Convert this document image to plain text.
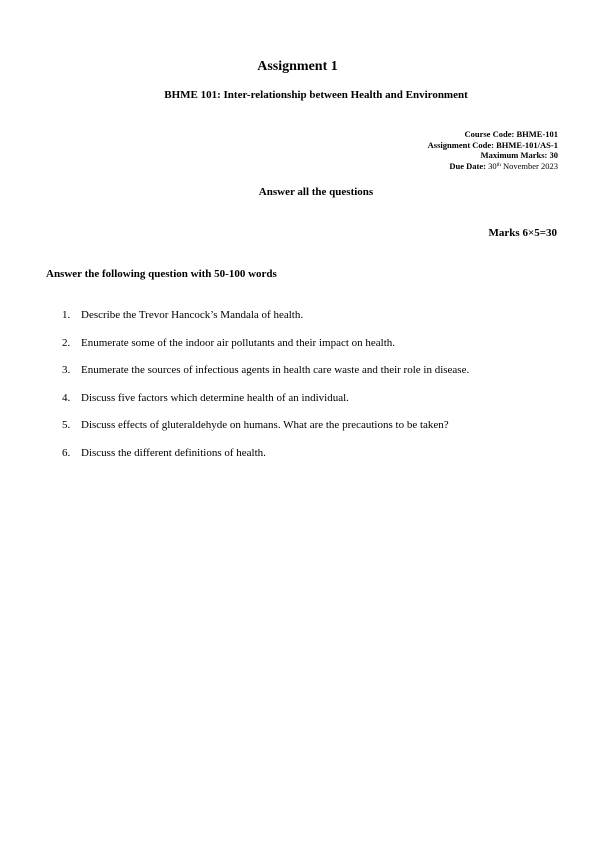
Assignment 1
BHME 101: Inter-relationship between Health and Environment
Course Code: BHME-101
Assignment Code: BHME-101/AS-1
Maximum Marks: 30
Due Date: 30th November 2023
Answer all the questions
Marks 6×5=30
Answer the following question with 50-100 words
1. Describe the Trevor Hancock’s Mandala of health.
2. Enumerate some of the indoor air pollutants and their impact on health.
3. Enumerate the sources of infectious agents in health care waste and their role in disease.
4. Discuss five factors which determine health of an individual.
5. Discuss effects of gluteraldehyde on humans. What are the precautions to be taken?
6. Discuss the different definitions of health.
